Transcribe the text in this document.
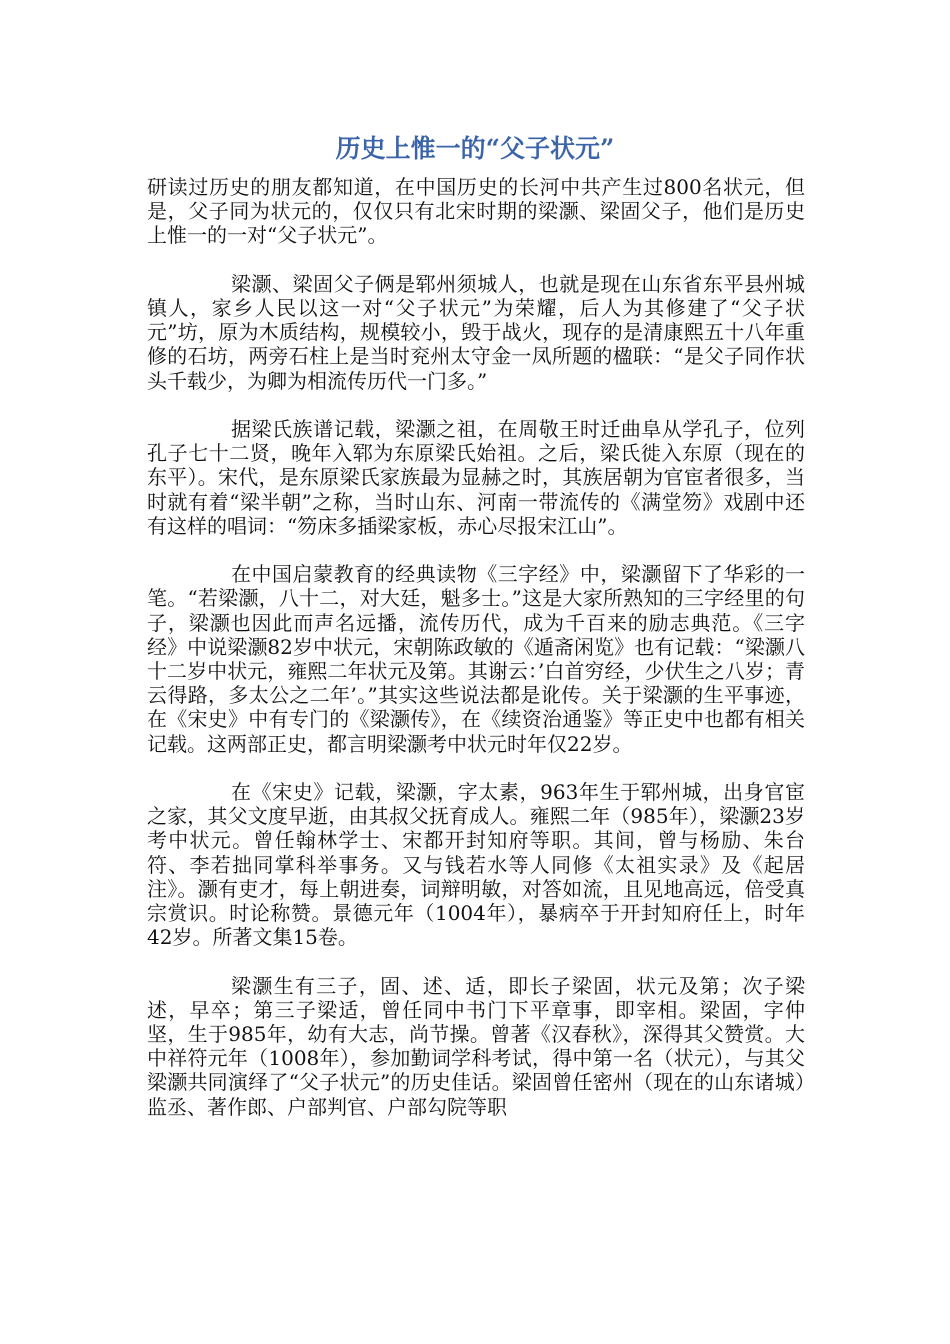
历史上惟一的“父子状元”

研读过历史的朋友都知道，在中国历史的长河中共产生过800名状元，但是，父子同为状元的，仅仅只有北宋时期的梁灏、梁固父子，他们是历史上惟一的一对“父子状元”。

梁灏、梁固父子俩是郓州须城人，也就是现在山东省东平县州城镇人，家乡人民以这一对“父子状元”为荣耀，后人为其修建了“父子状元”坊，原为木质结构，规模较小，毁于战火，现存的是清康熙五十八年重修的石坊，两旁石柱上是当时兖州太守金一凤所题的楹联：“是父子同作状头千载少，为卿为相流传历代一门多。”

据梁氏族谱记载，梁灏之祖，在周敬王时迁曲阜从学孔子，位列孔子七十二贤，晚年入郓为东原梁氏始祖。之后，梁氏徙入东原（现在的东平）。宋代，是东原梁氏家族最为显赫之时，其族居朝为官宦者很多，当时就有着“梁半朝”之称，当时山东、河南一带流传的《满堂笏》戏剧中还有这样的唱词：“笏床多插梁家板，赤心尽报宋江山”。

在中国启蒙教育的经典读物《三字经》中，梁灏留下了华彩的一笔。“若梁灏，八十二，对大廷，魁多士。”这是大家所熟知的三字经里的句子，梁灏也因此而声名远播，流传历代，成为千百来的励志典范。《三字经》中说梁灏82岁中状元，宋朝陈政敏的《遁斋闲览》也有记载：“梁灏八十二岁中状元，雍熙二年状元及第。其谢云：’白首穷经，少伏生之八岁；青云得路，多太公之二年’。”其实这些说法都是讹传。关于梁灏的生平事迹，在《宋史》中有专门的《梁灏传》，在《续资治通鉴》等正史中也都有相关记载。这两部正史，都言明梁灏考中状元时年仅22岁。

在《宋史》记载，梁灏，字太素，963年生于郓州城，出身官宦之家，其父文度早逝，由其叔父抚育成人。雍熙二年（985年），梁灏23岁考中状元。曾任翰林学士、宋都开封知府等职。其间，曾与杨励、朱台符、李若拙同掌科举事务。又与钱若水等人同修《太祖实录》及《起居注》。灏有吏才，每上朝进奏，词辩明敏，对答如流，且见地高远，倍受真宗赏识。时论称赞。景德元年（1004年），暴病卒于开封知府任上，时年42岁。所著文集15卷。

梁灏生有三子，固、述、适，即长子梁固，状元及第；次子梁述，早卒；第三子梁适，曾任同中书门下平章事，即宰相。梁固，字仲坚，生于985年，幼有大志，尚节操。曾著《汉春秋》，深得其父赞赏。大中祥符元年（1008年），参加勤词学科考试，得中第一名（状元），与其父梁灏共同演绎了“父子状元”的历史佳话。梁固曾任密州（现在的山东诸城）监丞、著作郎、户部判官、户部勾院等职
